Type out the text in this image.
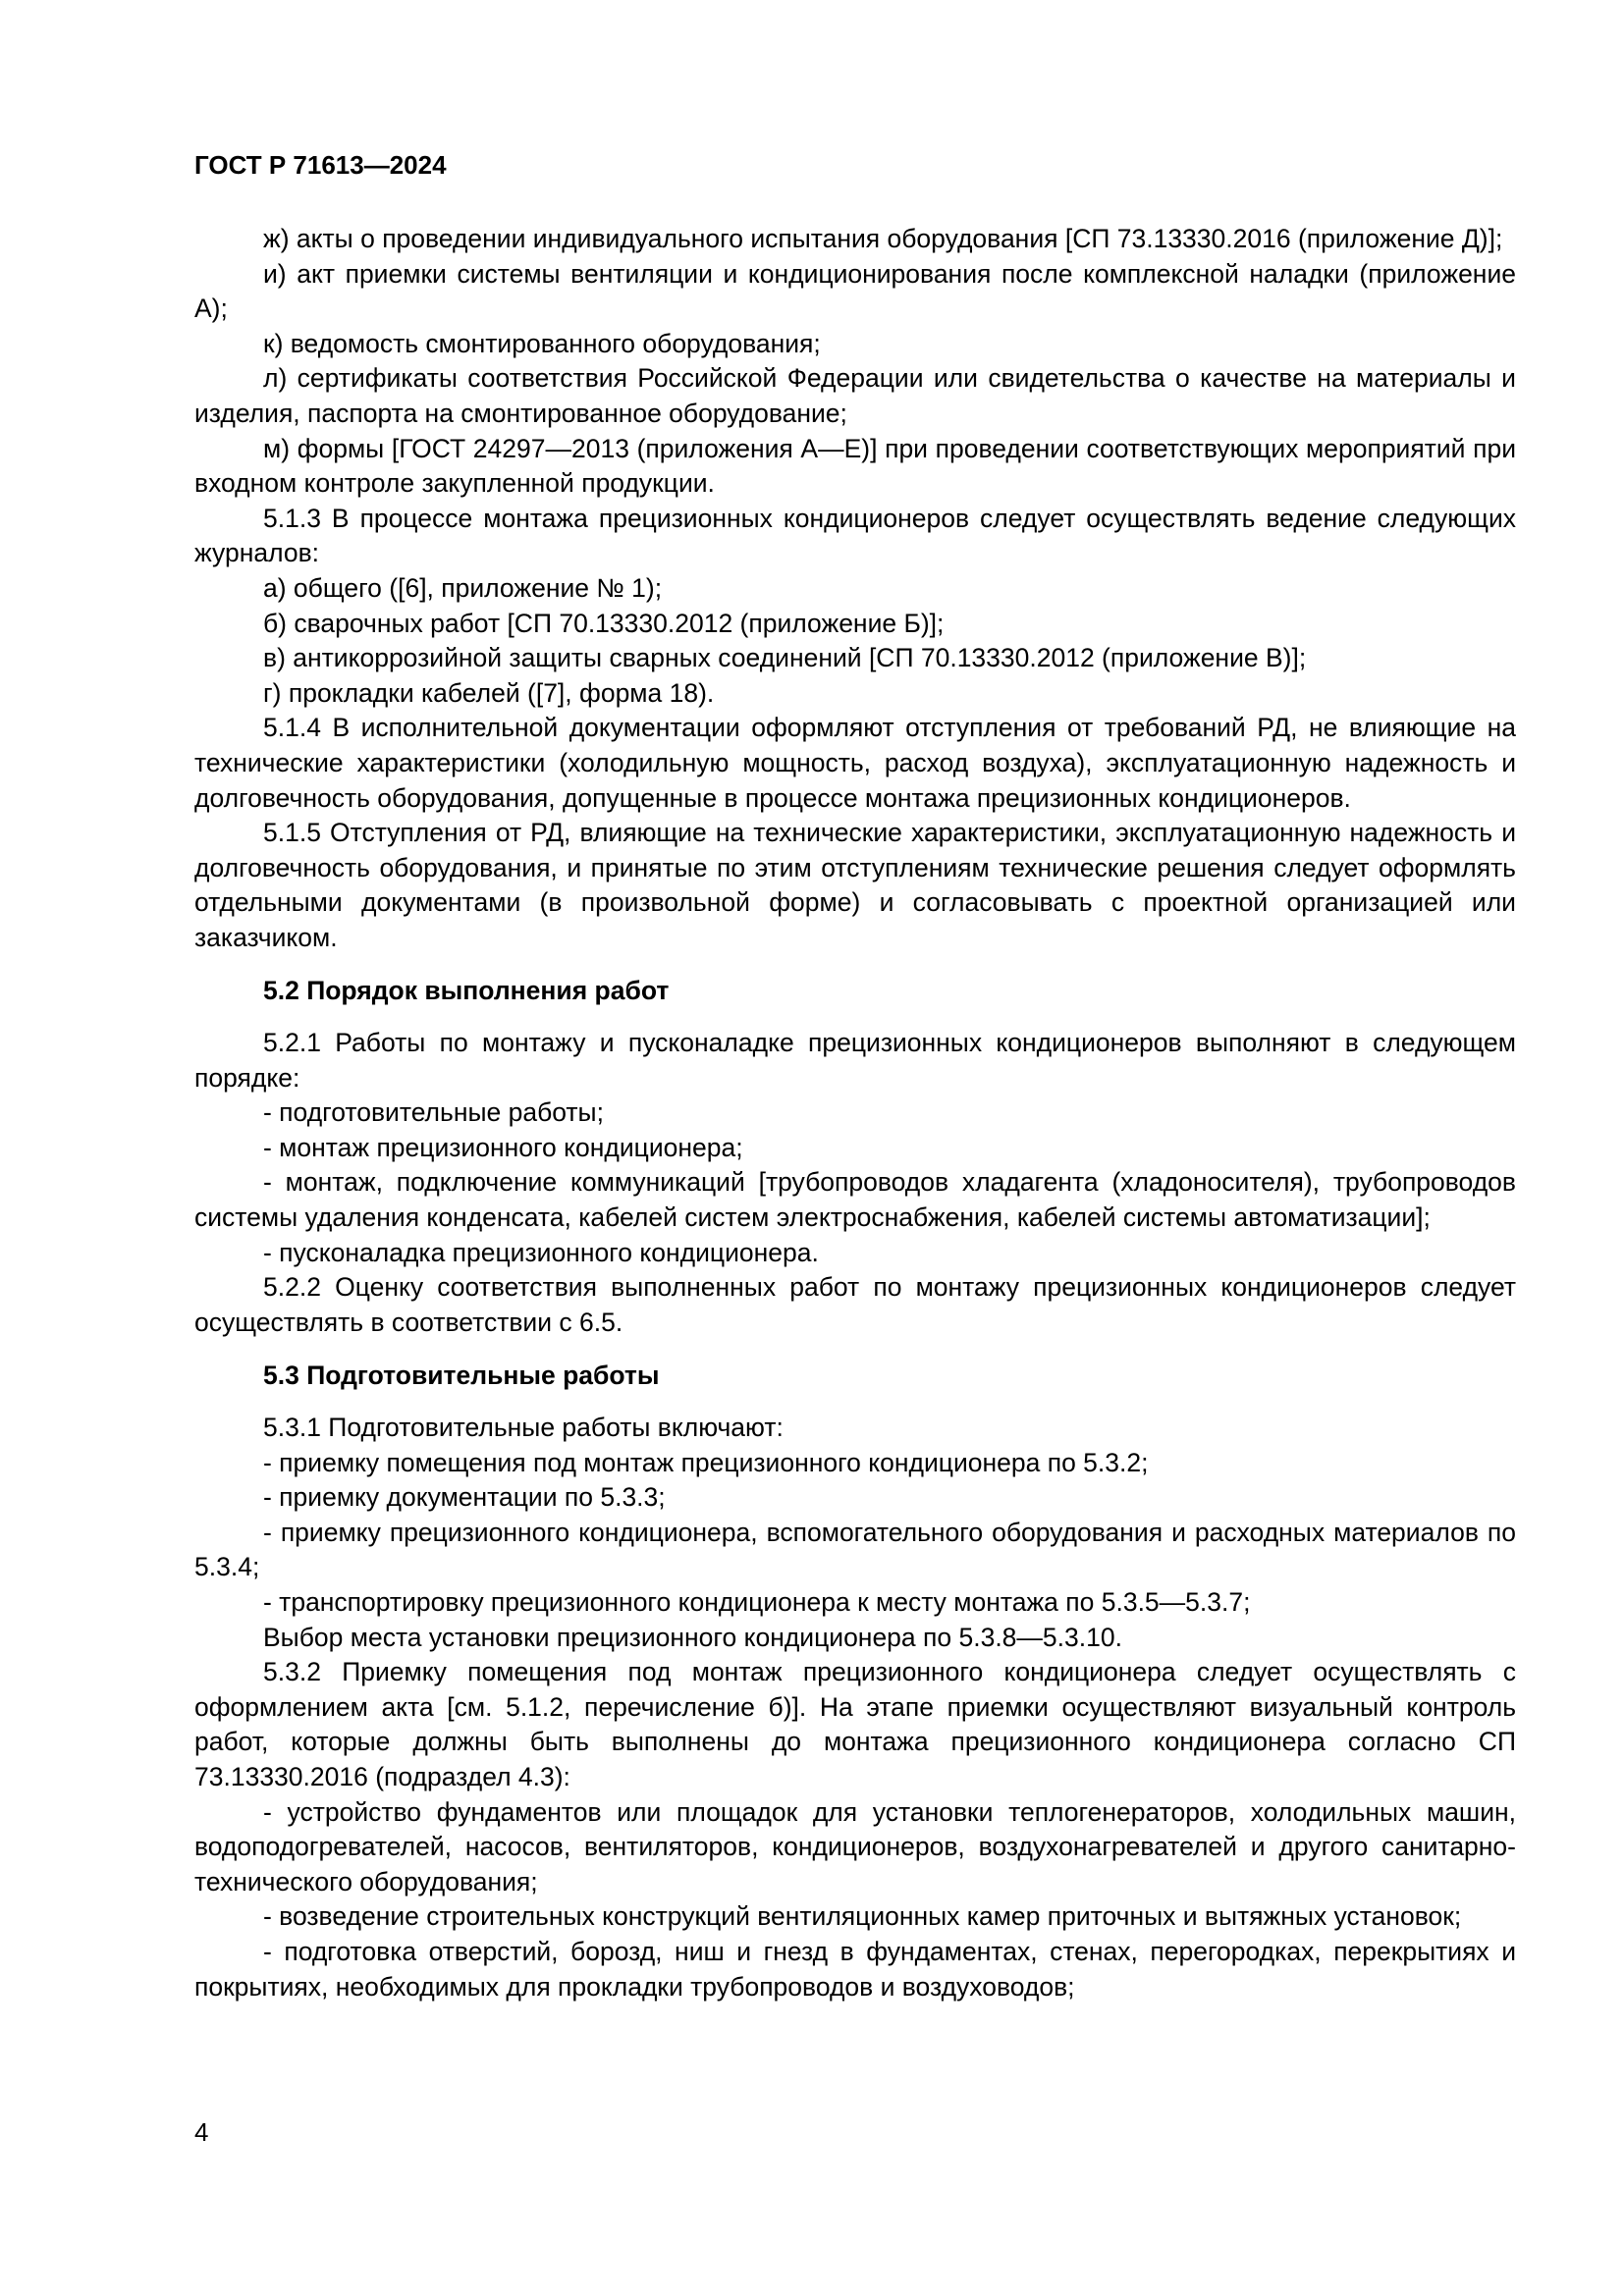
ГОСТ Р 71613—2024

ж) акты о проведении индивидуального испытания оборудования [СП 73.13330.2016 (приложение Д)];

и) акт приемки системы вентиляции и кондиционирования после комплексной наладки (приложение А);

к) ведомость смонтированного оборудования;

л) сертификаты соответствия Российской Федерации или свидетельства о качестве на материалы и изделия, паспорта на смонтированное оборудование;

м) формы [ГОСТ 24297—2013 (приложения А—Е)] при проведении соответствующих мероприятий при входном контроле закупленной продукции.

5.1.3 В процессе монтажа прецизионных кондиционеров следует осуществлять ведение следующих журналов:

а) общего ([6], приложение № 1);

б) сварочных работ [СП 70.13330.2012 (приложение Б)];

в) антикоррозийной защиты сварных соединений [СП 70.13330.2012 (приложение В)];

г) прокладки кабелей ([7], форма 18).

5.1.4 В исполнительной документации оформляют отступления от требований РД, не влияющие на технические характеристики (холодильную мощность, расход воздуха), эксплуатационную надежность и долговечность оборудования, допущенные в процессе монтажа прецизионных кондиционеров.

5.1.5 Отступления от РД, влияющие на технические характеристики, эксплуатационную надежность и долговечность оборудования, и принятые по этим отступлениям технические решения следует оформлять отдельными документами (в произвольной форме) и согласовывать с проектной организацией или заказчиком.

5.2 Порядок выполнения работ

5.2.1 Работы по монтажу и пусконаладке прецизионных кондиционеров выполняют в следующем порядке:

- подготовительные работы;

- монтаж прецизионного кондиционера;

- монтаж, подключение коммуникаций [трубопроводов хладагента (хладоносителя), трубопроводов системы удаления конденсата, кабелей систем электроснабжения, кабелей системы автоматизации];

- пусконаладка прецизионного кондиционера.

5.2.2 Оценку соответствия выполненных работ по монтажу прецизионных кондиционеров следует осуществлять в соответствии с 6.5.

5.3 Подготовительные работы

5.3.1 Подготовительные работы включают:

- приемку помещения под монтаж прецизионного кондиционера по 5.3.2;

- приемку документации по 5.3.3;

- приемку прецизионного кондиционера, вспомогательного оборудования и расходных материалов по 5.3.4;

- транспортировку прецизионного кондиционера к месту монтажа по 5.3.5—5.3.7;

Выбор места установки прецизионного кондиционера по 5.3.8—5.3.10.

5.3.2 Приемку помещения под монтаж прецизионного кондиционера следует осуществлять с оформлением акта [см. 5.1.2, перечисление б)]. На этапе приемки осуществляют визуальный контроль работ, которые должны быть выполнены до монтажа прецизионного кондиционера согласно СП 73.13330.2016 (подраздел 4.3):

- устройство фундаментов или площадок для установки теплогенераторов, холодильных машин, водоподогревателей, насосов, вентиляторов, кондиционеров, воздухонагревателей и другого санитарно-технического оборудования;

- возведение строительных конструкций вентиляционных камер приточных и вытяжных установок;

- подготовка отверстий, борозд, ниш и гнезд в фундаментах, стенах, перегородках, перекрытиях и покрытиях, необходимых для прокладки трубопроводов и воздуховодов;

4
